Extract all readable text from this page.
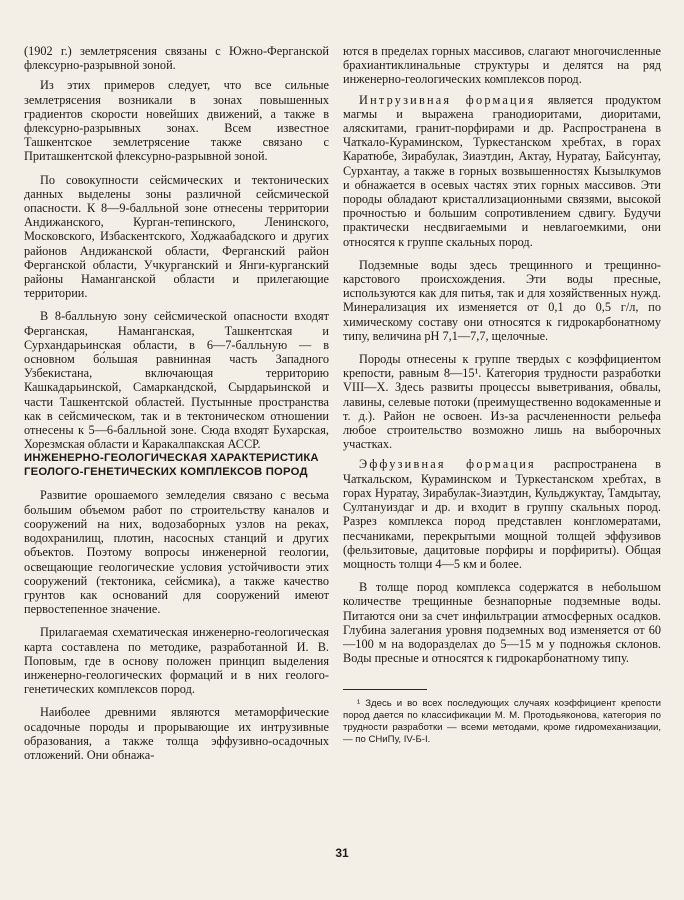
(1902 г.) землетрясения связаны с Южно-Ферганской флексурно-разрывной зоной.

Из этих примеров следует, что все сильные землетрясения возникали в зонах повышенных градиентов скорости новейших движений, а также в флексурно-разрывных зонах. Всем известное Ташкентское землетрясение также связано с Приташкентской флексурно-разрывной зоной.

По совокупности сейсмических и тектонических данных выделены зоны различной сейсмической опасности. К 8—9-балльной зоне отнесены территории Андижанского, Курган-тепинского, Ленинского, Московского, Избаскентского, Ходжаабадского и других районов Андижанской области, Ферганский район Ферганской области, Учкурганский и Янги-курганский районы Наманганской области и прилегающие территории.

В 8-балльную зону сейсмической опасности входят Ферганская, Наманганская, Ташкентская и Сурхандарьинская области, в 6—7-балльную — в основном бо́льшая равнинная часть Западного Узбекистана, включающая территорию Кашкадарьинской, Самаркандской, Сырдарьинской и части Ташкентской областей. Пустынные пространства как в сейсмическом, так и в тектоническом отношении отнесены к 5—6-балльной зоне. Сюда входят Бухарская, Хорезмская области и Каракалпакская АССР.

ИНЖЕНЕРНО-ГЕОЛОГИЧЕСКАЯ ХАРАКТЕРИСТИКА ГЕОЛОГО-ГЕНЕТИЧЕСКИХ КОМПЛЕКСОВ ПОРОД

Развитие орошаемого земледелия связано с весьма большим объемом работ по строительству каналов и сооружений на них, водозаборных узлов на реках, водохранилищ, плотин, насосных станций и других объектов. Поэтому вопросы инженерной геологии, освещающие геологические условия устойчивости этих сооружений (тектоника, сейсмика), а также качество грунтов как оснований для сооружений имеют первостепенное значение.

Прилагаемая схематическая инженерно-геологическая карта составлена по методике, разработанной И. В. Поповым, где в основу положен принцип выделения инженерно-геологических формаций и в них геолого-генетических комплексов пород.

Наиболее древними являются метаморфические осадочные породы и прорывающие их интрузивные образования, а также толща эффузивно-осадочных отложений. Они обнажа-

ются в пределах горных массивов, слагают многочисленные брахиантиклинальные структуры и делятся на ряд инженерно-геологических комплексов пород.

Интрузивная формация является продуктом магмы и выражена гранодиоритами, диоритами, аляскитами, гранит-порфирами и др. Распространена в Чаткало-Кураминском, Туркестанском хребтах, в горах Каратюбе, Зирабулак, Зиаэтдин, Актау, Нуратау, Байсунтау, Сурхантау, а также в горных возвышенностях Кызылкумов и обнажается в осевых частях этих горных массивов. Эти породы обладают кристаллизационными связями, высокой прочностью и большим сопротивлением сдвигу. Будучи практически несдвигаемыми и невлагоемкими, они относятся к группе скальных пород.

Подземные воды здесь трещинного и трещинно-карстового происхождения. Эти воды пресные, используются как для питья, так и для хозяйственных нужд. Минерализация их изменяется от 0,1 до 0,5 г/л, по химическому составу они относятся к гидрокарбонатному типу, величина pH 7,1—7,7, щелочные.

Породы отнесены к группе твердых с коэффициентом крепости, равным 8—15¹. Категория трудности разработки VIII—X. Здесь развиты процессы выветривания, обвалы, лавины, селевые потоки (преимущественно водокаменные и т. д.). Район не освоен. Из-за расчлененности рельефа любое строительство возможно лишь на выборочных участках.

Эффузивная формация распространена в Чаткальском, Кураминском и Туркестанском хребтах, в горах Нуратау, Зирабулак-Зиаэтдин, Кульджуктау, Тамдытау, Султануиздаг и др. и входит в группу скальных пород. Разрез комплекса пород представлен конгломератами, песчаниками, перекрытыми мощной толщей эффузивов (фельзитовые, дацитовые порфиры и порфириты). Общая мощность толщи 4—5 км и более.

В толще пород комплекса содержатся в небольшом количестве трещинные безнапорные подземные воды. Питаются они за счет инфильтрации атмосферных осадков. Глубина залегания уровня подземных вод изменяется от 60—100 м на водоразделах до 5—15 м у подножья склонов. Воды пресные и относятся к гидрокарбонатному типу.

¹ Здесь и во всех последующих случаях коэффициент крепости пород дается по классификации М. М. Протодьяконова, категория по трудности разработки — всеми методами, кроме гидромеханизации, — по СНиПу, IV-Б-I.

31
